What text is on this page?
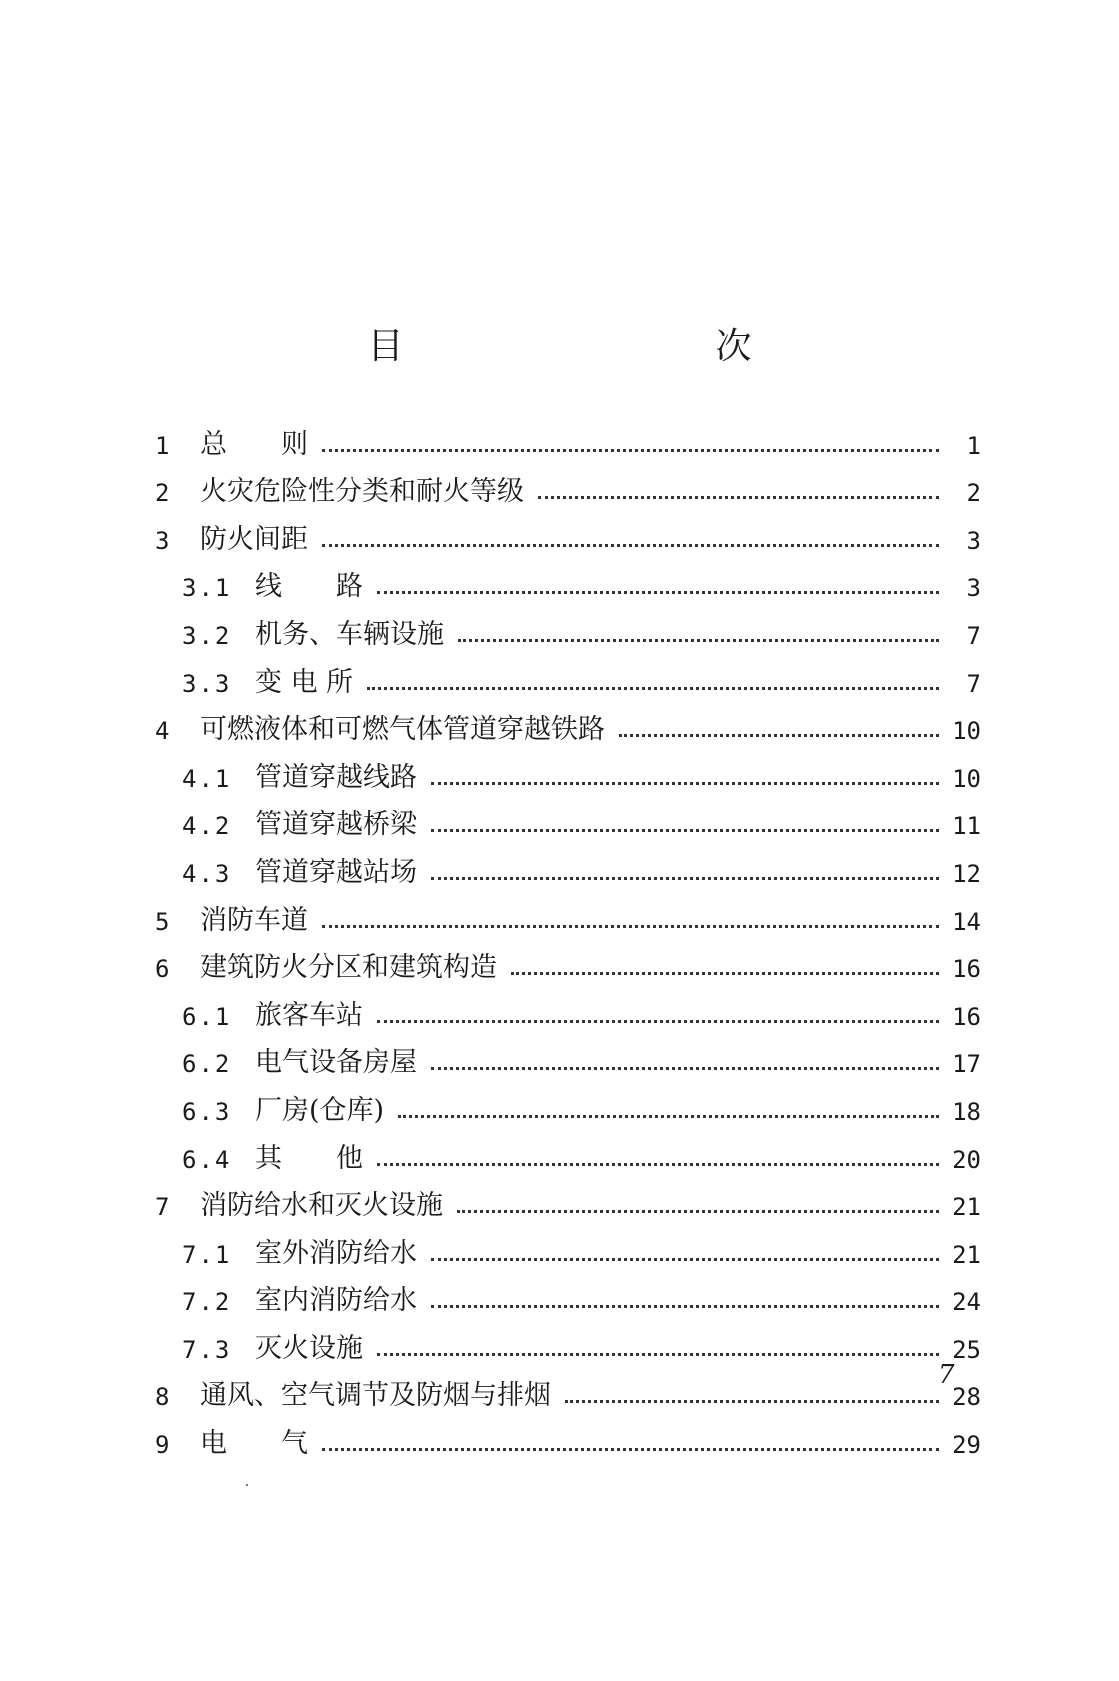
目　　次
1	总　　则	1
2	火灾危险性分类和耐火等级	2
3	防火间距	3
3.1 线　　路	3
3.2 机务、车辆设施	7
3.3 变 电 所	7
4	可燃液体和可燃气体管道穿越铁路	10
4.1 管道穿越线路	10
4.2 管道穿越桥梁	11
4.3 管道穿越站场	12
5	消防车道	14
6	建筑防火分区和建筑构造	16
6.1 旅客车站	16
6.2 电气设备房屋	17
6.3 厂房(仓库)	18
6.4 其　　他	20
7	消防给水和灭火设施	21
7.1 室外消防给水	21
7.2 室内消防给水	24
7.3 灭火设施	25
8	通风、空气调节及防烟与排烟	28
9	电　　气	29
7
